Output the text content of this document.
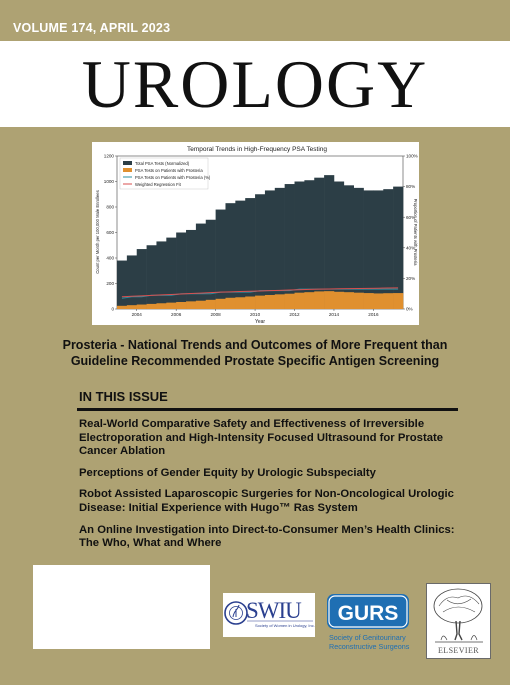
VOLUME 174, APRIL 2023
UROLOGY
Temporal Trends in High-Frequency PSA Testing
0
200
400
600
800
1000
1200
0%
20%
40%
60%
80%
100%
2004	2006	2008	2010	2012	2014	2016
Year
Count per Month per 100,000 Male Enrollees	Proportion of Patients with Prosteria
Total PSA Tests (Normalized)
PSA Tests on Patients with Prosteria
PSA Tests on Patients with Prosteria (%)
Weighted Regression Fit
Prosteria - National Trends and Outcomes of More Frequent than Guideline Recommended Prostate Specific Antigen Screening
IN THIS ISSUE
Real-World Comparative Safety and Effectiveness of Irreversible Electroporation and High-Intensity Focused Ultrasound for Prostate Cancer Ablation
Perceptions of Gender Equity by Urologic Subspecialty
Robot Assisted Laparoscopic Surgeries for Non-Oncological Urologic Disease: Initial Experience with Hugo™ Ras System
An Online Investigation into Direct-to-Consumer Men’s Health Clinics: The Who, What and Where
SWIU
Society of Women in Urology, Inc.
GURS
Society of Genitourinary
Reconstructive Surgeons	ELSEVIER
